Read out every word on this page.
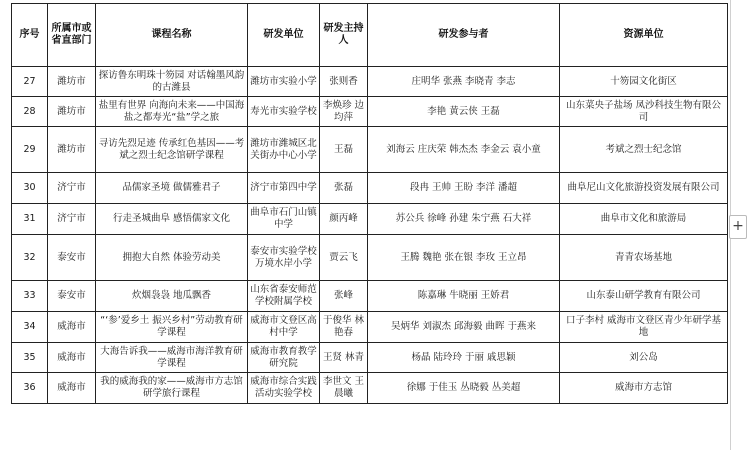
序号	所属市或省直部门	课程名称	研发单位	研发主持人	研发参与者	资源单位
27	潍坊市	探访鲁东明珠十笏园 对话翰墨风韵的古潍县	潍坊市实验小学	张则香	庄明华 张燕 李晓青 李志	十笏园文化街区
28	潍坊市	盐里有世界 向海向未来——中国海盐之都寿光“盐”学之旅	寿光市实验学校	李焕珍 边均萍	李艳 黄云侠 王磊	山东菜央子盐场 凤沙科技生物有限公司
29	潍坊市	寻访先烈足迹 传承红色基因——考斌之烈士纪念馆研学课程	潍坊市潍城区北关街办中心小学	王磊	刘海云 庄庆荣 韩杰杰 李金云 袁小童	考斌之烈士纪念馆
30	济宁市	品儒家圣境 做儒雅君子	济宁市第四中学	张磊	段冉 王帅 王盼 李洋 潘超	曲阜尼山文化旅游投资发展有限公司
31	济宁市	行走圣城曲阜 感悟儒家文化	曲阜市石门山镇中学	颜丙峰	苏公兵 徐峰 孙建 朱宁燕 石大祥	曲阜市文化和旅游局
32	泰安市	拥抱大自然 体验劳动美	泰安市实验学校万境水岸小学	贾云飞	王腾 魏艳 张在银 李玫 王立昂	青青农场基地
33	泰安市	炊烟袅袅 地瓜飘香	山东省泰安师范学校附属学校	张峰	陈嘉琳 牛晓丽 王娇君	山东泰山研学教育有限公司
34	威海市	“‘参’爱乡土 振兴乡村”劳动教育研学课程	威海市文登区高村中学	于俊华 林艳春	吴炳华 刘淑杰 邱海毅 曲晖 于燕来	口子李村 威海市文登区青少年研学基地
35	威海市	大海告诉我——威海市海洋教育研学课程	威海市教育教学研究院	王贤 林青	杨晶 陆玲玲 于丽 戚思颖	刘公岛
36	威海市	我的威海我的家——威海市方志馆研学旅行课程	威海市综合实践活动实验学校	李世文 王晨曦	徐娜 于佳玉 丛晓毅 丛美超	威海市方志馆
+
